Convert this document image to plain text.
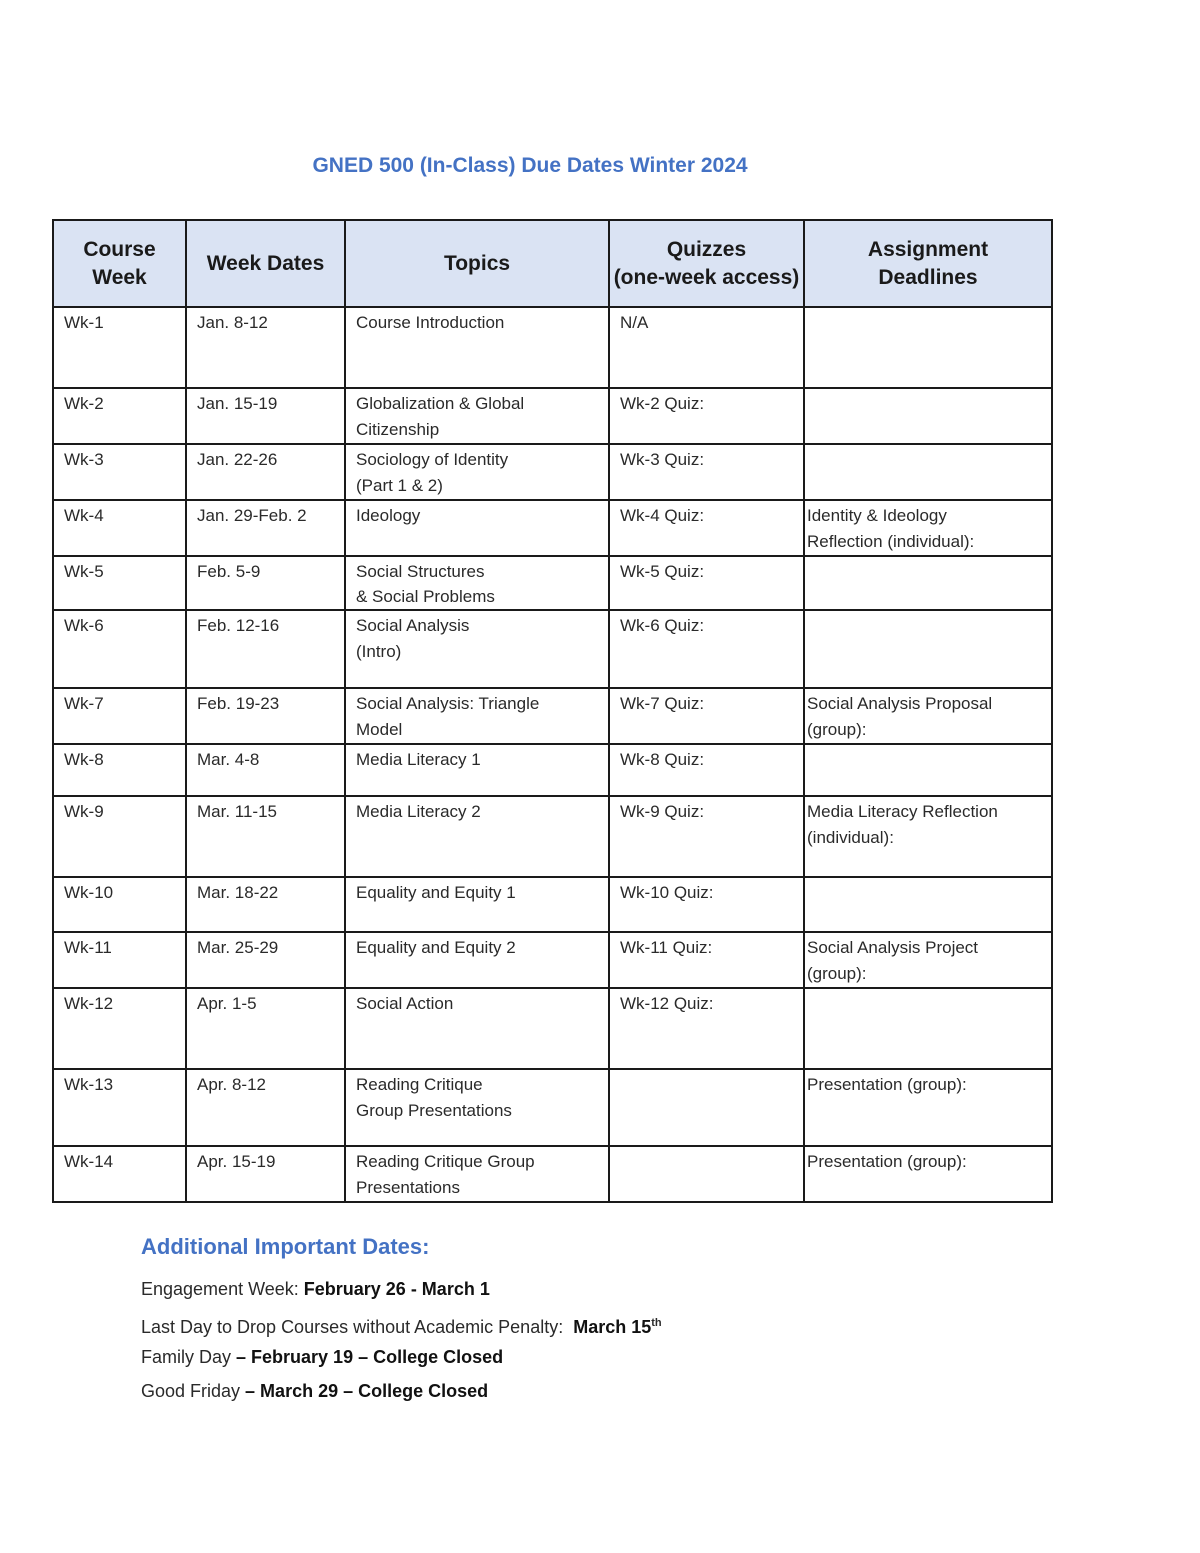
GNED 500 (In-Class) Due Dates Winter 2024
Course
Week	Week Dates	Topics	Quizzes
(one-week access)	Assignment
Deadlines

Wk-1	Jan. 8-12	Course Introduction	N/A	

Wk-2	Jan. 15-19	Globalization & Global
Citizenship	Wk-2 Quiz:	

Wk-3	Jan. 22-26	Sociology of Identity
(Part 1 & 2)	Wk-3 Quiz:	

Wk-4	Jan. 29-Feb. 2	Ideology	Wk-4 Quiz:	Identity & Ideology
Reflection (individual):

Wk-5	Feb. 5-9	Social Structures
& Social Problems	Wk-5 Quiz:	

Wk-6	Feb. 12-16	Social Analysis
(Intro)	Wk-6 Quiz:	

Wk-7	Feb. 19-23	Social Analysis: Triangle
Model	Wk-7 Quiz:	Social Analysis Proposal
(group):

Wk-8	Mar. 4-8	Media Literacy 1	Wk-8 Quiz:	

Wk-9	Mar. 11-15	Media Literacy 2	Wk-9 Quiz:	Media Literacy Reflection
(individual):

Wk-10	Mar. 18-22	Equality and Equity 1	Wk-10 Quiz:	

Wk-11	Mar. 25-29	Equality and Equity 2	Wk-11 Quiz:	Social Analysis Project
(group):

Wk-12	Apr. 1-5	Social Action	Wk-12 Quiz:	

Wk-13	Apr. 8-12	Reading Critique
Group Presentations		Presentation (group):

Wk-14	Apr. 15-19	Reading Critique Group
Presentations		Presentation (group):
Additional Important Dates:
Engagement Week: February 26 - March 1
Last Day to Drop Courses without Academic Penalty:  March 15th
Family Day – February 19 – College Closed
Good Friday – March 29 – College Closed
